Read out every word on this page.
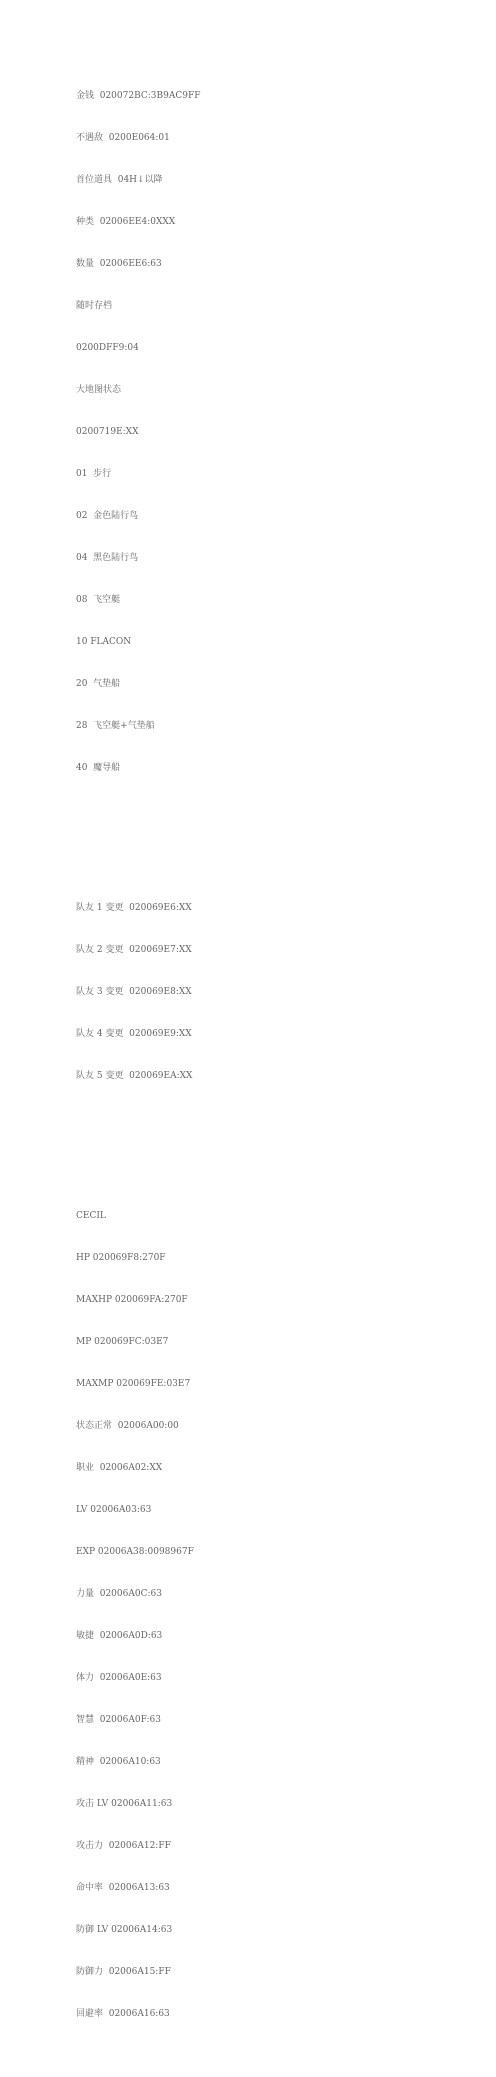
金钱  020072BC:3B9AC9FF

不遇敌  0200E064:01

首位道具  04H↓以降

种类  02006EE4:0XXX

数量  02006EE6:63

随时存档

0200DFF9:04

大地图状态

0200719E:XX

01  步行

02  金色陆行鸟

04  黑色陆行鸟

08  飞空艇

10 FLACON

20  气垫船

28  飞空艇+气垫船

40  魔导船

队友 1 变更  020069E6:XX

队友 2 变更  020069E7:XX

队友 3 变更  020069E8:XX

队友 4 变更  020069E9:XX

队友 5 变更  020069EA:XX

CECIL

HP 020069F8:270F

MAXHP 020069FA:270F

MP 020069FC:03E7

MAXMP 020069FE:03E7

状态正常  02006A00:00

职业  02006A02:XX

LV 02006A03:63

EXP 02006A38:0098967F

力量  02006A0C:63

敏捷  02006A0D:63

体力  02006A0E:63

智慧  02006A0F:63

精神  02006A10:63

攻击 LV 02006A11:63

攻击力  02006A12:FF

命中率  02006A13:63

防御 LV 02006A14:63

防御力  02006A15:FF

回避率  02006A16:63
